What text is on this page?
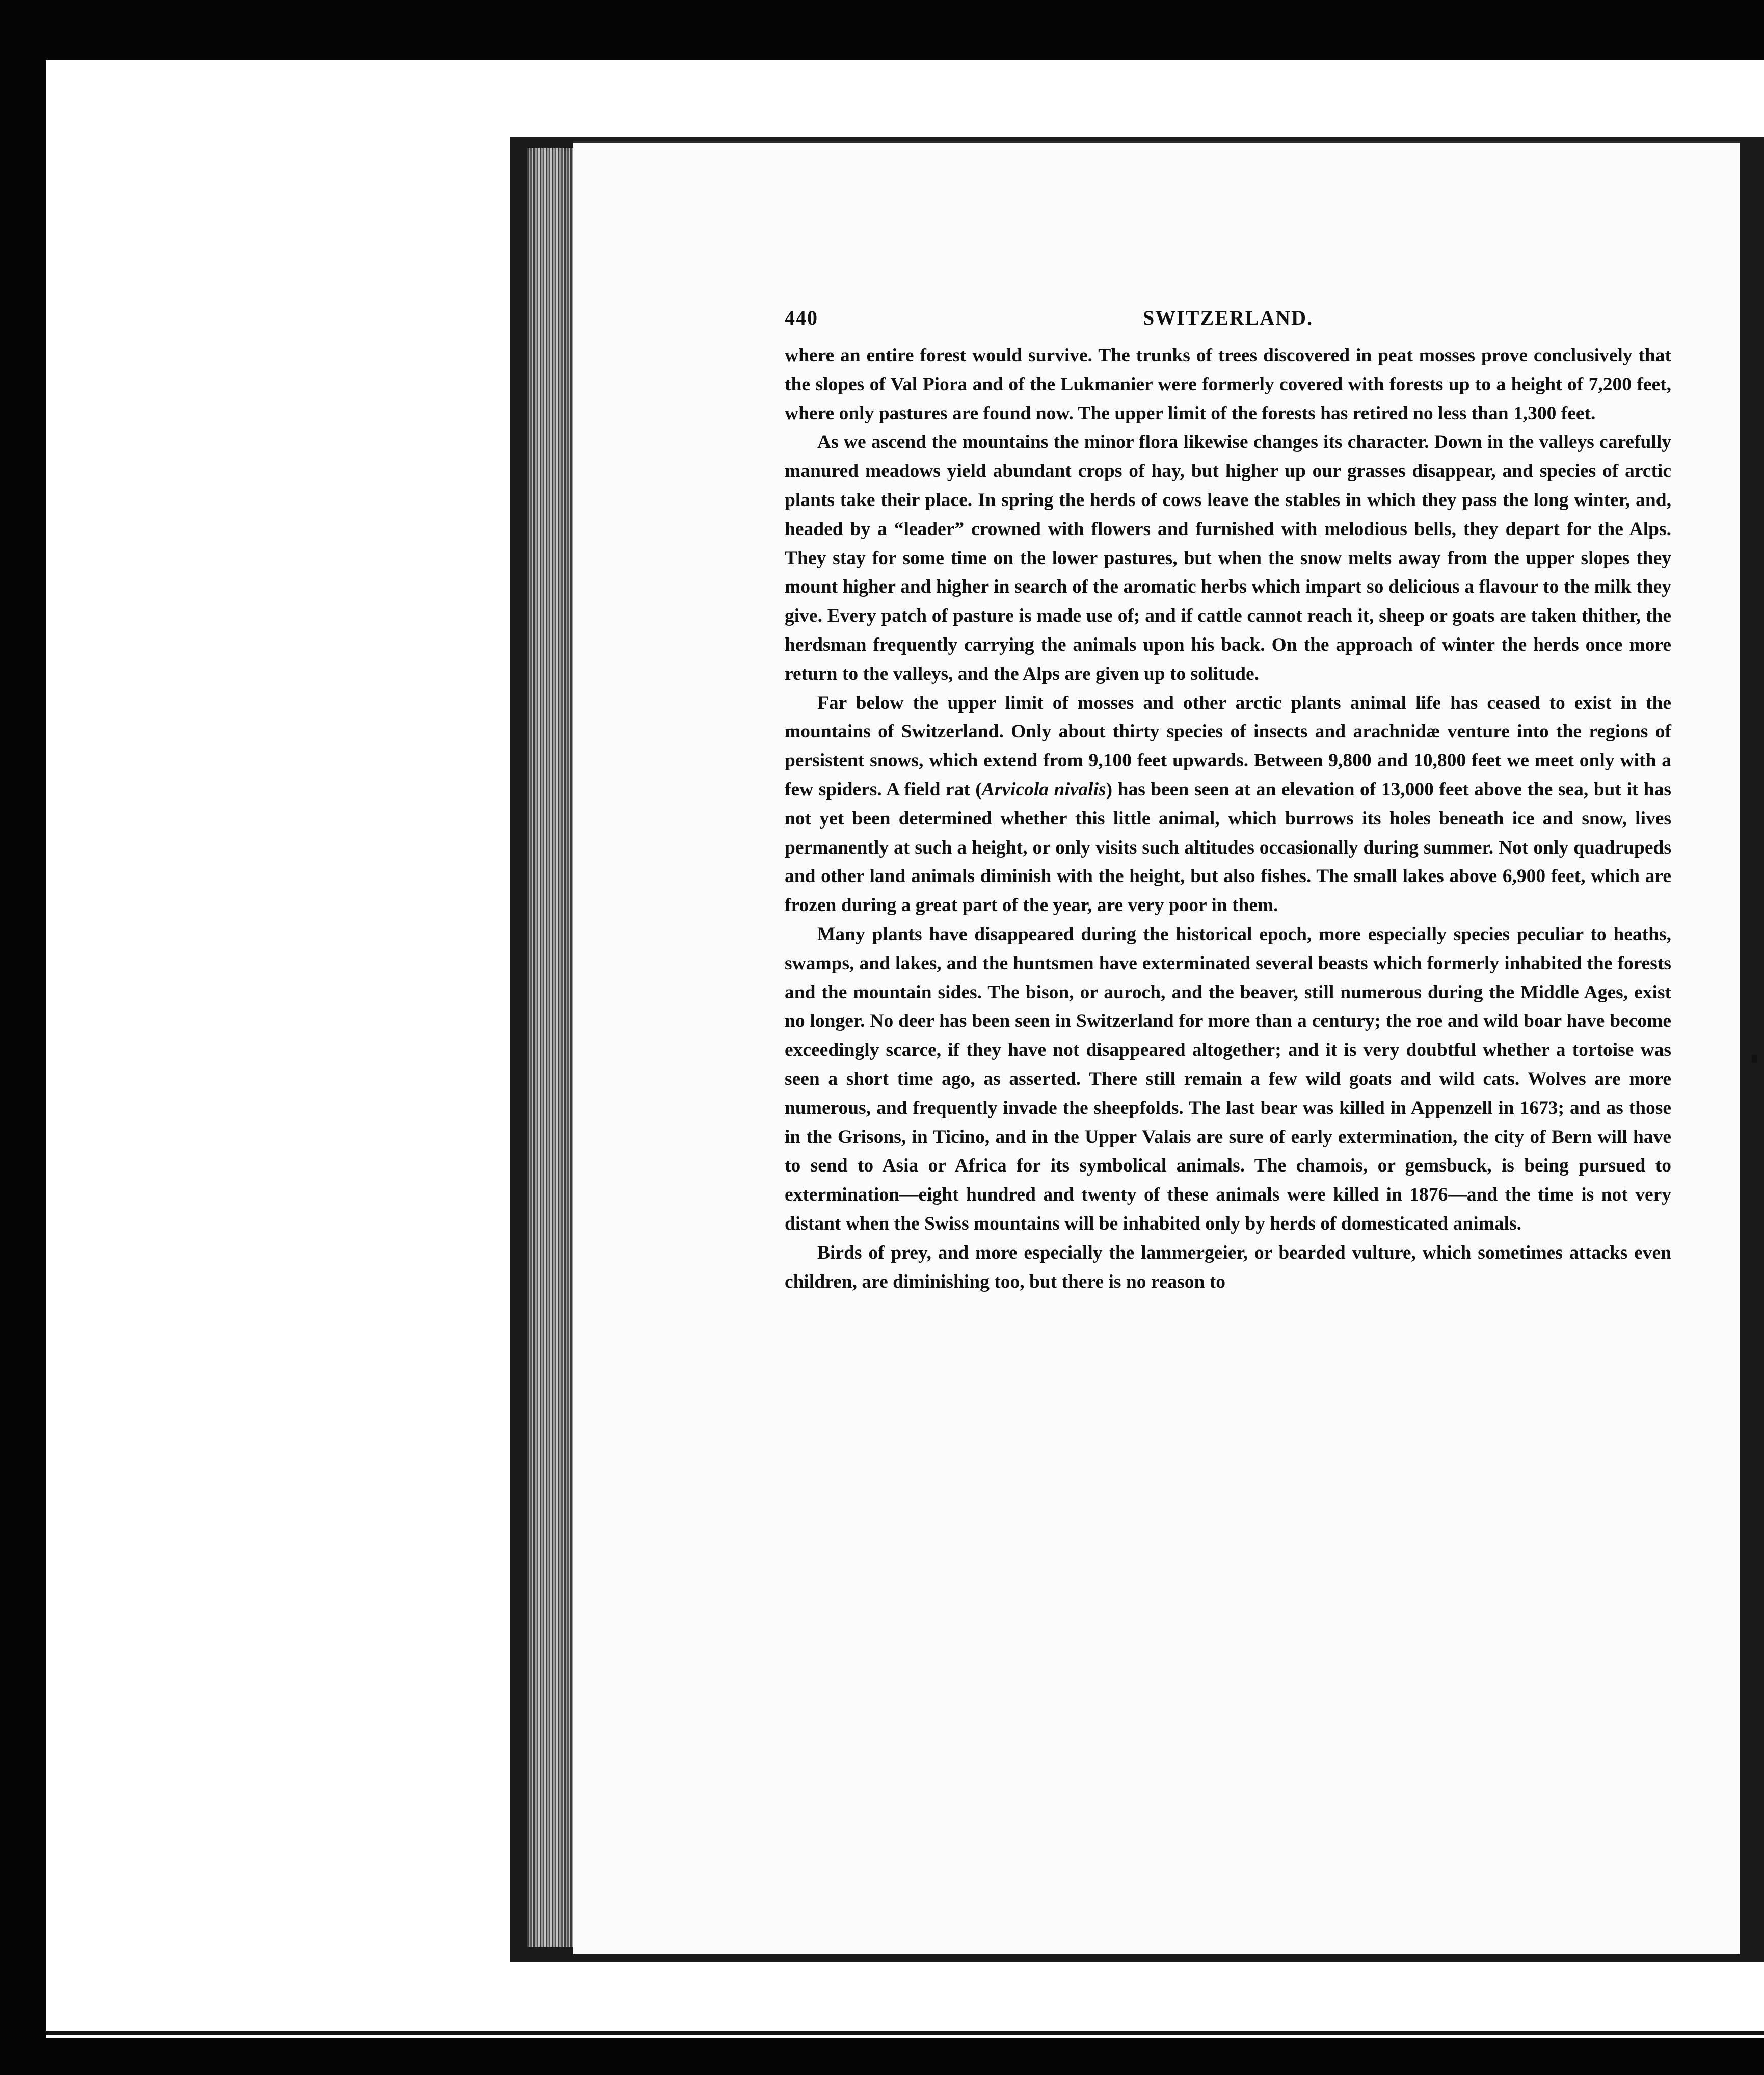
440	SWITZERLAND.

where an entire forest would survive. The trunks of trees discovered in peat mosses prove conclusively that the slopes of Val Piora and of the Lukmanier were formerly covered with forests up to a height of 7,200 feet, where only pastures are found now. The upper limit of the forests has retired no less than 1,300 feet.

As we ascend the mountains the minor flora likewise changes its character. Down in the valleys carefully manured meadows yield abundant crops of hay, but higher up our grasses disappear, and species of arctic plants take their place. In spring the herds of cows leave the stables in which they pass the long winter, and, headed by a “leader” crowned with flowers and furnished with melodious bells, they depart for the Alps. They stay for some time on the lower pastures, but when the snow melts away from the upper slopes they mount higher and higher in search of the aromatic herbs which impart so delicious a flavour to the milk they give. Every patch of pasture is made use of; and if cattle cannot reach it, sheep or goats are taken thither, the herdsman frequently carrying the animals upon his back. On the approach of winter the herds once more return to the valleys, and the Alps are given up to solitude.

Far below the upper limit of mosses and other arctic plants animal life has ceased to exist in the mountains of Switzerland. Only about thirty species of insects and arachnidæ venture into the regions of persistent snows, which extend from 9,100 feet upwards. Between 9,800 and 10,800 feet we meet only with a few spiders. A field rat (Arvicola nivalis) has been seen at an elevation of 13,000 feet above the sea, but it has not yet been determined whether this little animal, which burrows its holes beneath ice and snow, lives permanently at such a height, or only visits such altitudes occasionally during summer. Not only quadrupeds and other land animals diminish with the height, but also fishes. The small lakes above 6,900 feet, which are frozen during a great part of the year, are very poor in them.

Many plants have disappeared during the historical epoch, more especially species peculiar to heaths, swamps, and lakes, and the huntsmen have exterminated several beasts which formerly inhabited the forests and the mountain sides. The bison, or auroch, and the beaver, still numerous during the Middle Ages, exist no longer. No deer has been seen in Switzerland for more than a century; the roe and wild boar have become exceedingly scarce, if they have not disappeared altogether; and it is very doubtful whether a tortoise was seen a short time ago, as asserted. There still remain a few wild goats and wild cats. Wolves are more numerous, and frequently invade the sheepfolds. The last bear was killed in Appenzell in 1673; and as those in the Grisons, in Ticino, and in the Upper Valais are sure of early extermination, the city of Bern will have to send to Asia or Africa for its symbolical animals. The chamois, or gemsbuck, is being pursued to extermination—eight hundred and twenty of these animals were killed in 1876—and the time is not very distant when the Swiss mountains will be inhabited only by herds of domesticated animals.

Birds of prey, and more especially the lammergeier, or bearded vulture, which sometimes attacks even children, are diminishing too, but there is no reason to
